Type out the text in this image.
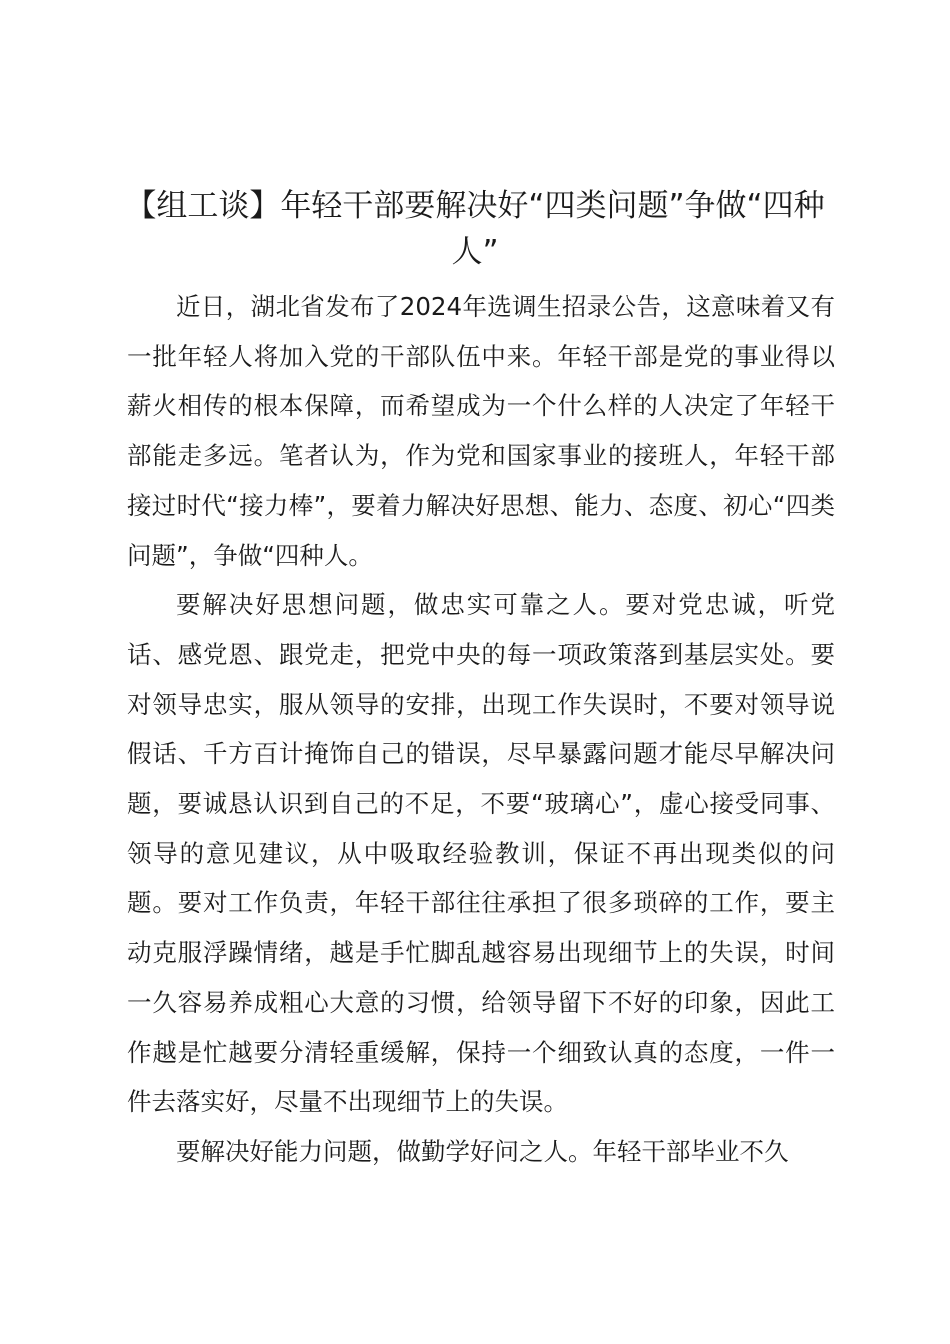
【组工谈】年轻干部要解决好“四类问题”争做“四种人”

近日，湖北省发布了2024年选调生招录公告，这意味着又有一批年轻人将加入党的干部队伍中来。年轻干部是党的事业得以薪火相传的根本保障，而希望成为一个什么样的人决定了年轻干部能走多远。笔者认为，作为党和国家事业的接班人，年轻干部接过时代“接力棒”，要着力解决好思想、能力、态度、初心“四类问题”，争做“四种人。

要解决好思想问题，做忠实可靠之人。要对党忠诚，听党话、感党恩、跟党走，把党中央的每一项政策落到基层实处。要对领导忠实，服从领导的安排，出现工作失误时，不要对领导说假话、千方百计掩饰自己的错误，尽早暴露问题才能尽早解决问题，要诚恳认识到自己的不足，不要“玻璃心”，虚心接受同事、领导的意见建议，从中吸取经验教训，保证不再出现类似的问题。要对工作负责，年轻干部往往承担了很多琐碎的工作，要主动克服浮躁情绪，越是手忙脚乱越容易出现细节上的失误，时间一久容易养成粗心大意的习惯，给领导留下不好的印象，因此工作越是忙越要分清轻重缓解，保持一个细致认真的态度，一件一件去落实好，尽量不出现细节上的失误。

要解决好能力问题，做勤学好问之人。年轻干部毕业不久
